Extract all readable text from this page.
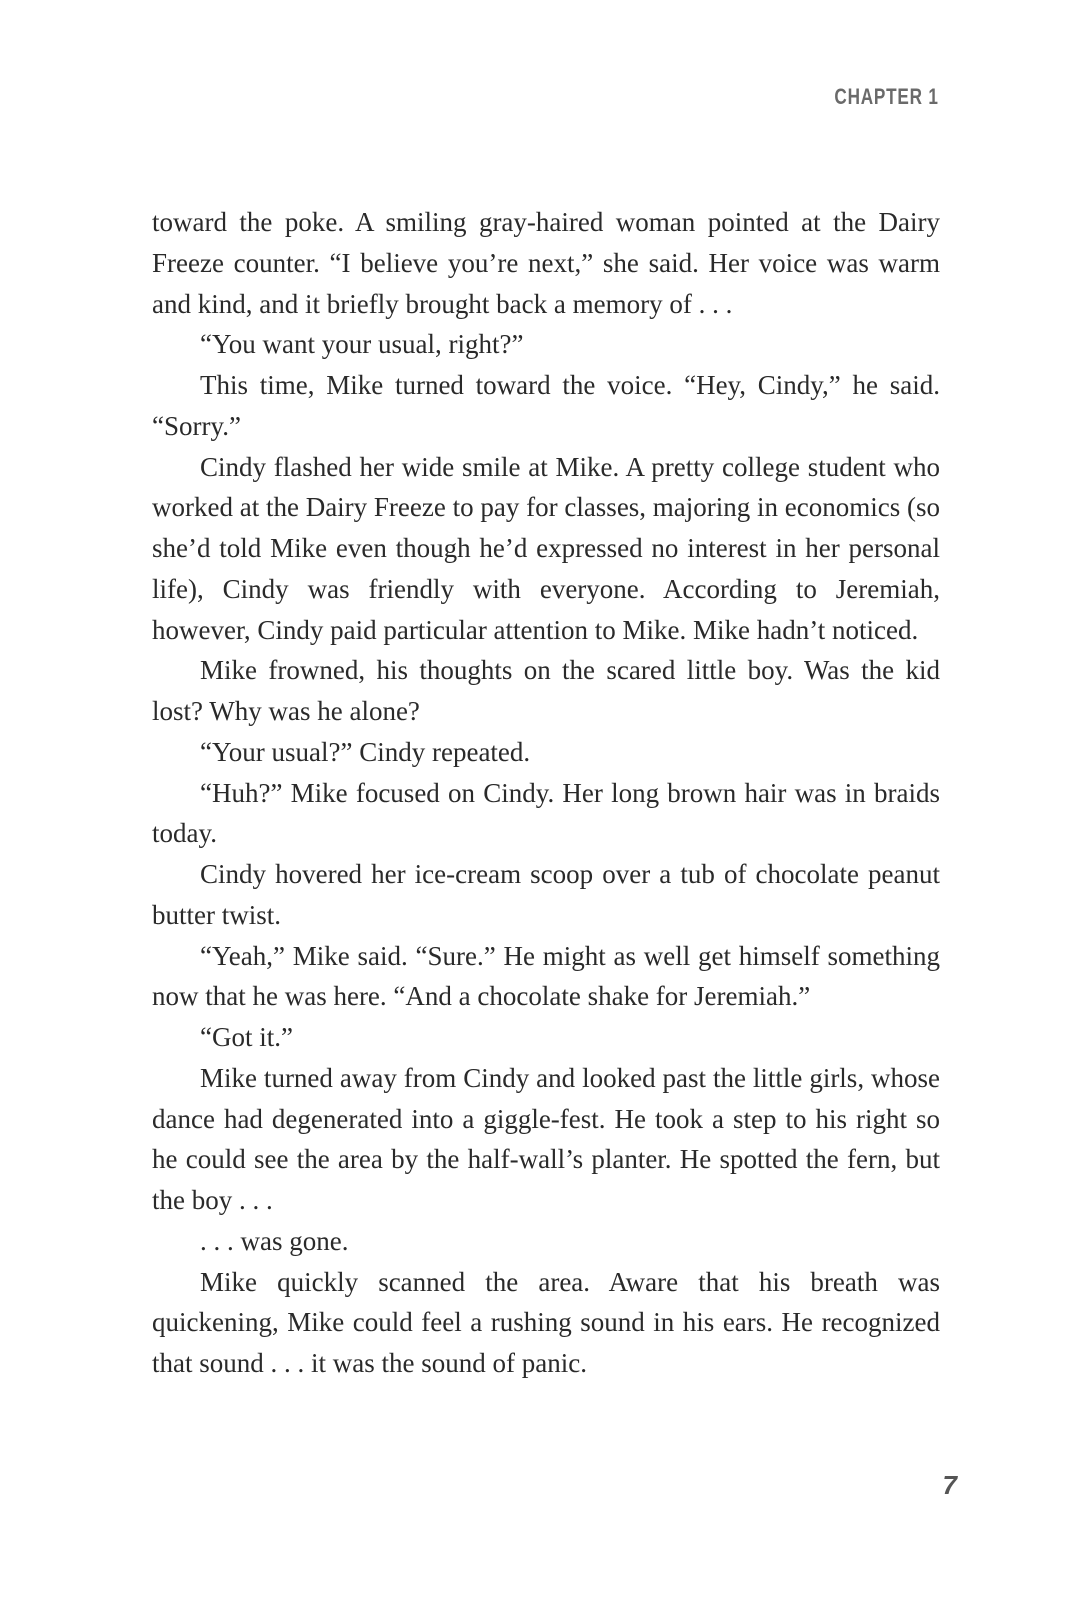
CHAPTER 1

toward the poke. A smiling gray-haired woman pointed at the Dairy Freeze counter. “I believe you’re next,” she said. Her voice was warm and kind, and it briefly brought back a memory of . . .

“You want your usual, right?”

This time, Mike turned toward the voice. “Hey, Cindy,” he said. “Sorry.”

Cindy flashed her wide smile at Mike. A pretty college student who worked at the Dairy Freeze to pay for classes, majoring in economics (so she’d told Mike even though he’d expressed no interest in her personal life), Cindy was friendly with everyone. According to Jeremiah, however, Cindy paid particular attention to Mike. Mike hadn’t noticed.

Mike frowned, his thoughts on the scared little boy. Was the kid lost? Why was he alone?

“Your usual?” Cindy repeated.

“Huh?” Mike focused on Cindy. Her long brown hair was in braids today.

Cindy hovered her ice-cream scoop over a tub of chocolate peanut butter twist.

“Yeah,” Mike said. “Sure.” He might as well get himself something now that he was here. “And a chocolate shake for Jeremiah.”

“Got it.”

Mike turned away from Cindy and looked past the little girls, whose dance had degenerated into a giggle-fest. He took a step to his right so he could see the area by the half-wall’s planter. He spotted the fern, but the boy . . .

. . . was gone.

Mike quickly scanned the area. Aware that his breath was quickening, Mike could feel a rushing sound in his ears. He recognized that sound . . . it was the sound of panic.

7
